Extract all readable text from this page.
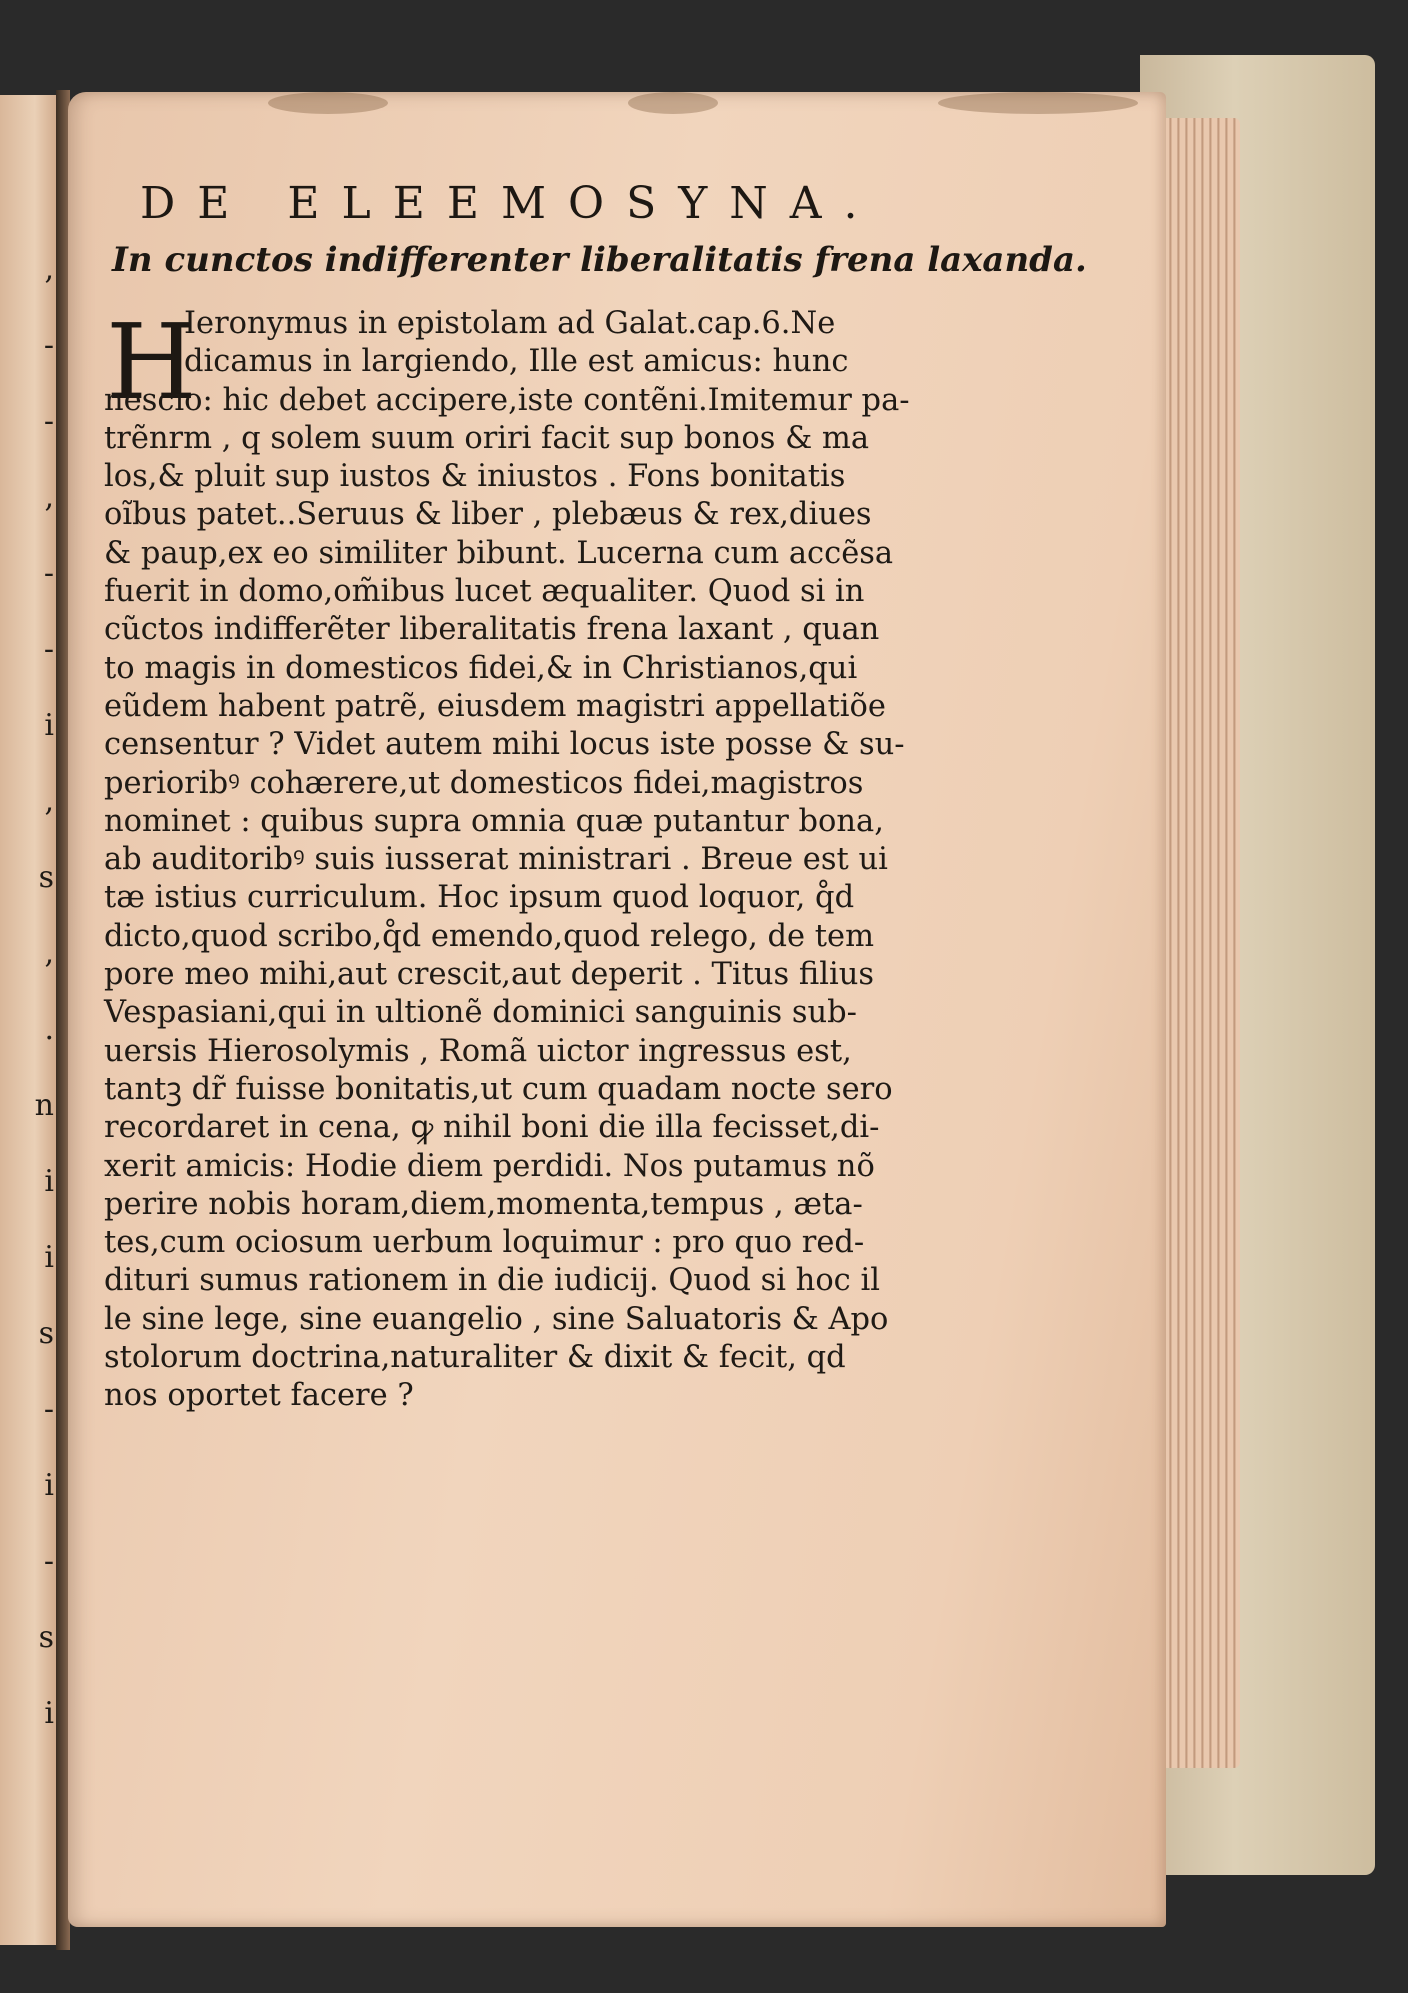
,
-
-
,
-
-
i
,
s
,
.
n
i
i
s
-
i
-
s
i
DE ELEEMOSYNA.
In cunctos indifferenter liberalitatis frena laxanda.
H
Ieronymus in epistolam ad Galat.cap.6.Ne
dicamus in largiendo, Ille est amicus: hunc
nescio: hic debet accipere,iste contẽni.Imitemur pa-
trẽnrm , q solem suum oriri facit sup bonos & ma
los,& pluit sup iustos & iniustos . Fons bonitatis
oĩbus patet..Seruus & liber , plebæus & rex,diues
& paup,ex eo similiter bibunt. Lucerna cum accẽsa
fuerit in domo,om̃ibus lucet æqualiter. Quod si in
cũctos indifferẽter liberalitatis frena laxant , quan
to magis in domesticos fidei,& in Christianos,qui
eũdem habent patrẽ, eiusdem magistri appellatiõe
censentur ? Videt autem mihi locus iste posse & su-
perioribꝰ cohærere,ut domesticos fidei,magistros
nominet : quibus supra omnia quæ putantur bona,
ab auditoribꝰ suis iusserat ministrari . Breue est ui
tæ istius curriculum. Hoc ipsum quod loquor, q̊d
dicto,quod scribo,q̊d emendo,quod relego, de tem
pore meo mihi,aut crescit,aut deperit . Titus filius
Vespasiani,qui in ultionẽ dominici sanguinis sub-
uersis Hierosolymis , Romã uictor ingressus est,
tantꝫ dr̃ fuisse bonitatis,ut cum quadam nocte sero
recordaret in cena, ꝙ nihil boni die illa fecisset,di-
xerit amicis: Hodie diem perdidi. Nos putamus nõ
perire nobis horam,diem,momenta,tempus , æta-
tes,cum ociosum uerbum loquimur : pro quo red-
dituri sumus rationem in die iudicij. Quod si hoc il
le sine lege, sine euangelio , sine Saluatoris & Apo
stolorum doctrina,naturaliter & dixit & fecit, qd
nos oportet facere ?
